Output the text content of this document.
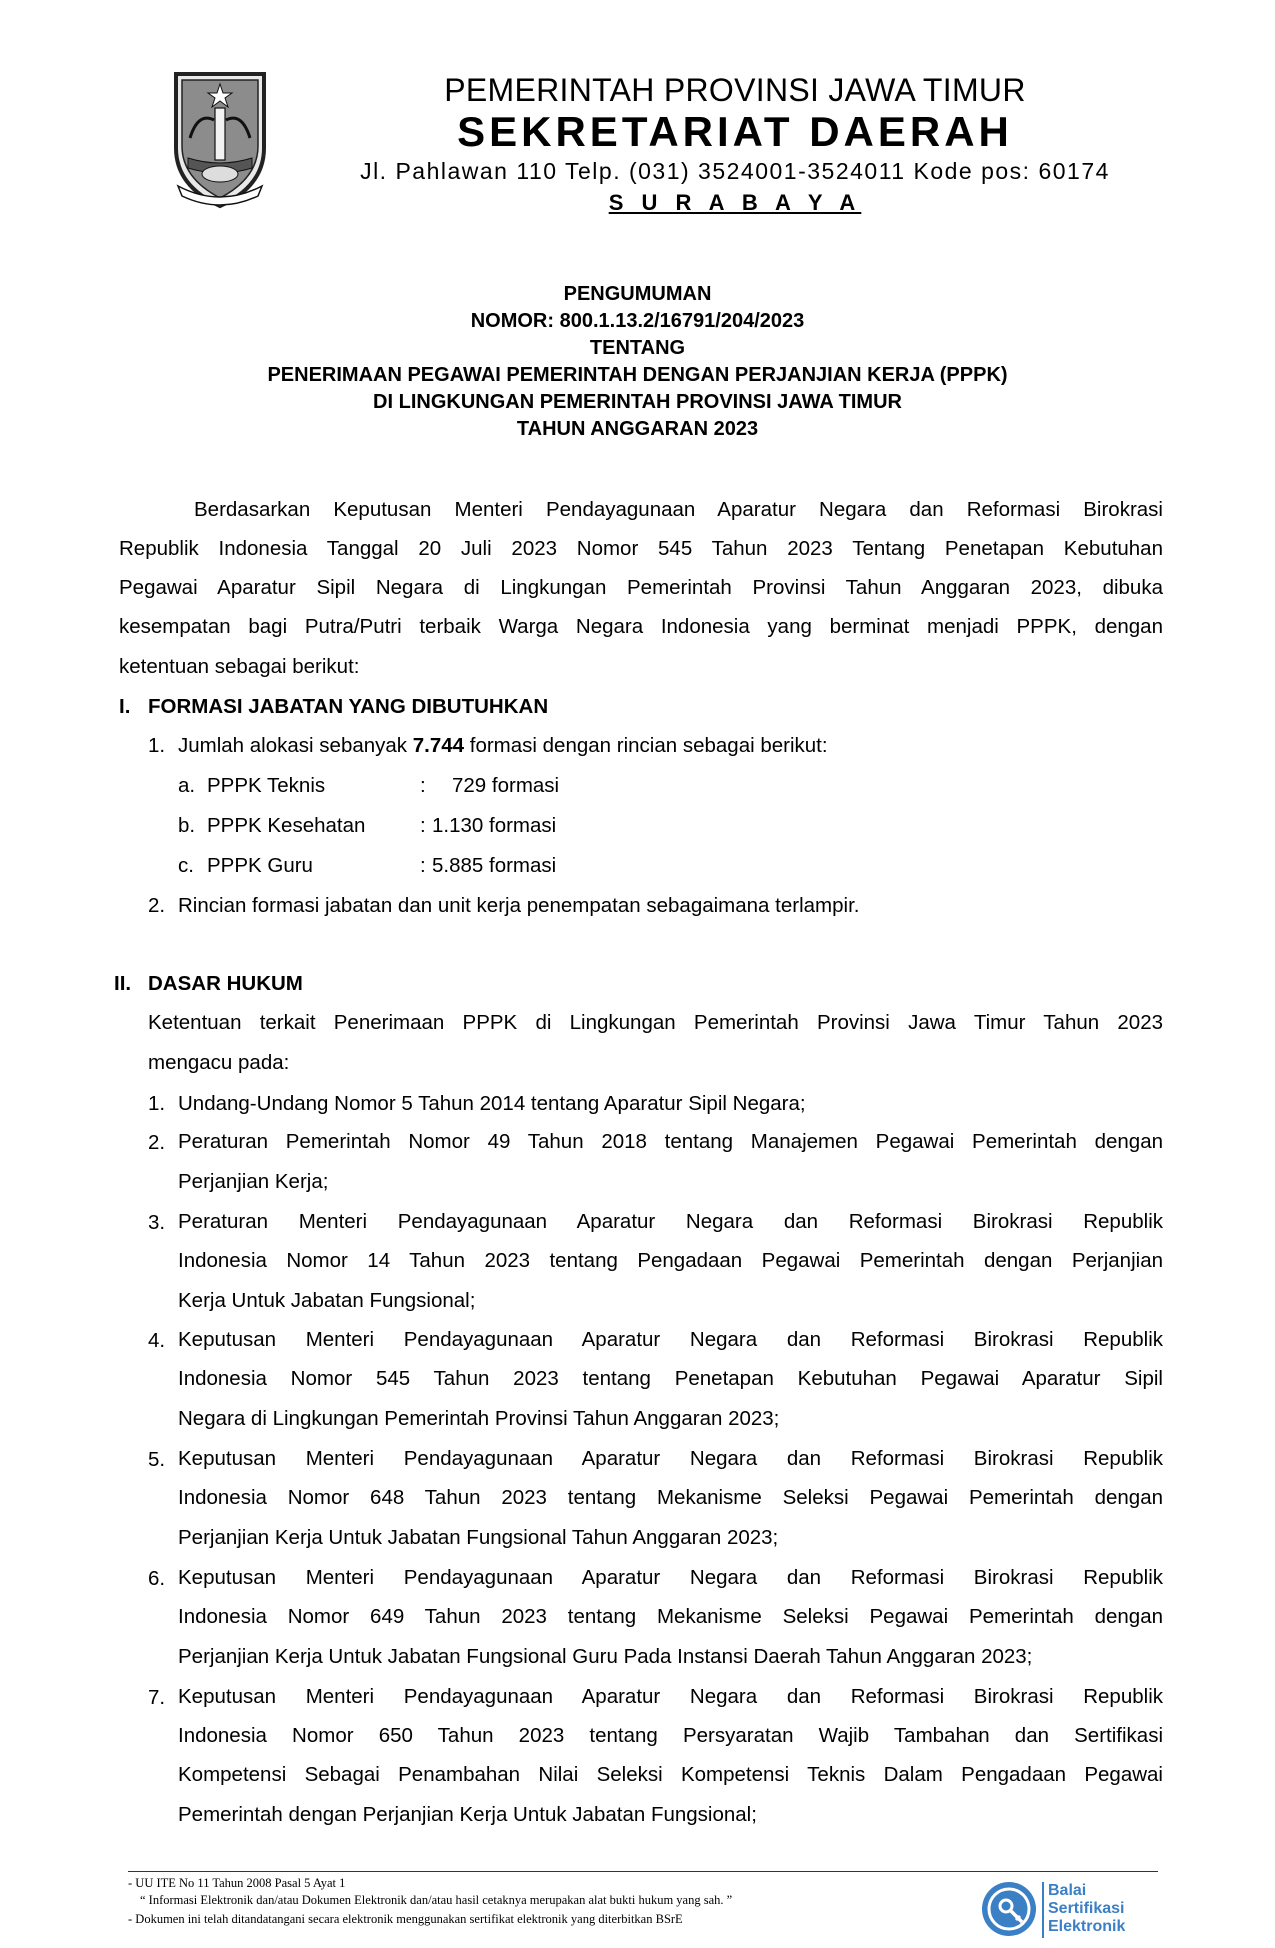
PEMERINTAH PROVINSI JAWA TIMUR
SEKRETARIAT DAERAH
Jl. Pahlawan 110 Telp. (031) 3524001-3524011 Kode pos: 60174
S U R A B A Y A
PENGUMUMAN
NOMOR: 800.1.13.2/16791/204/2023
TENTANG
PENERIMAAN PEGAWAI PEMERINTAH DENGAN PERJANJIAN KERJA (PPPK)
DI LINGKUNGAN PEMERINTAH PROVINSI JAWA TIMUR
TAHUN ANGGARAN 2023
Berdasarkan Keputusan Menteri Pendayagunaan Aparatur Negara dan Reformasi Birokrasi
Republik Indonesia Tanggal 20 Juli 2023 Nomor 545 Tahun 2023 Tentang Penetapan Kebutuhan
Pegawai Aparatur Sipil Negara di Lingkungan Pemerintah Provinsi Tahun Anggaran 2023, dibuka
kesempatan bagi Putra/Putri terbaik Warga Negara Indonesia yang berminat menjadi PPPK, dengan
ketentuan sebagai berikut:
I. FORMASI JABATAN YANG DIBUTUHKAN
1. Jumlah alokasi sebanyak 7.744 formasi dengan rincian sebagai berikut:
a. PPPK Teknis	: 729 formasi
b. PPPK Kesehatan	: 1.130 formasi
c. PPPK Guru	: 5.885 formasi
2. Rincian formasi jabatan dan unit kerja penempatan sebagaimana terlampir.
II. DASAR HUKUM
Ketentuan terkait Penerimaan PPPK di Lingkungan Pemerintah Provinsi Jawa Timur Tahun 2023
mengacu pada:
1. Undang-Undang Nomor 5 Tahun 2014 tentang Aparatur Sipil Negara;
2. Peraturan Pemerintah Nomor 49 Tahun 2018 tentang Manajemen Pegawai Pemerintah dengan
Perjanjian Kerja;
3. Peraturan Menteri Pendayagunaan Aparatur Negara dan Reformasi Birokrasi Republik
Indonesia Nomor 14 Tahun 2023 tentang Pengadaan Pegawai Pemerintah dengan Perjanjian
Kerja Untuk Jabatan Fungsional;
4. Keputusan Menteri Pendayagunaan Aparatur Negara dan Reformasi Birokrasi Republik
Indonesia Nomor 545 Tahun 2023 tentang Penetapan Kebutuhan Pegawai Aparatur Sipil
Negara di Lingkungan Pemerintah Provinsi Tahun Anggaran 2023;
5. Keputusan Menteri Pendayagunaan Aparatur Negara dan Reformasi Birokrasi Republik
Indonesia Nomor 648 Tahun 2023 tentang Mekanisme Seleksi Pegawai Pemerintah dengan
Perjanjian Kerja Untuk Jabatan Fungsional Tahun Anggaran 2023;
6. Keputusan Menteri Pendayagunaan Aparatur Negara dan Reformasi Birokrasi Republik
Indonesia Nomor 649 Tahun 2023 tentang Mekanisme Seleksi Pegawai Pemerintah dengan
Perjanjian Kerja Untuk Jabatan Fungsional Guru Pada Instansi Daerah Tahun Anggaran 2023;
7. Keputusan Menteri Pendayagunaan Aparatur Negara dan Reformasi Birokrasi Republik
Indonesia Nomor 650 Tahun 2023 tentang Persyaratan Wajib Tambahan dan Sertifikasi
Kompetensi Sebagai Penambahan Nilai Seleksi Kompetensi Teknis Dalam Pengadaan Pegawai
Pemerintah dengan Perjanjian Kerja Untuk Jabatan Fungsional;
- UU ITE No 11 Tahun 2008 Pasal 5 Ayat 1
“ Informasi Elektronik dan/atau Dokumen Elektronik dan/atau hasil cetaknya merupakan alat bukti hukum yang sah. ”
- Dokumen ini telah ditandatangani secara elektronik menggunakan sertifikat elektronik yang diterbitkan BSrE
Balai
Sertifikasi
Elektronik
